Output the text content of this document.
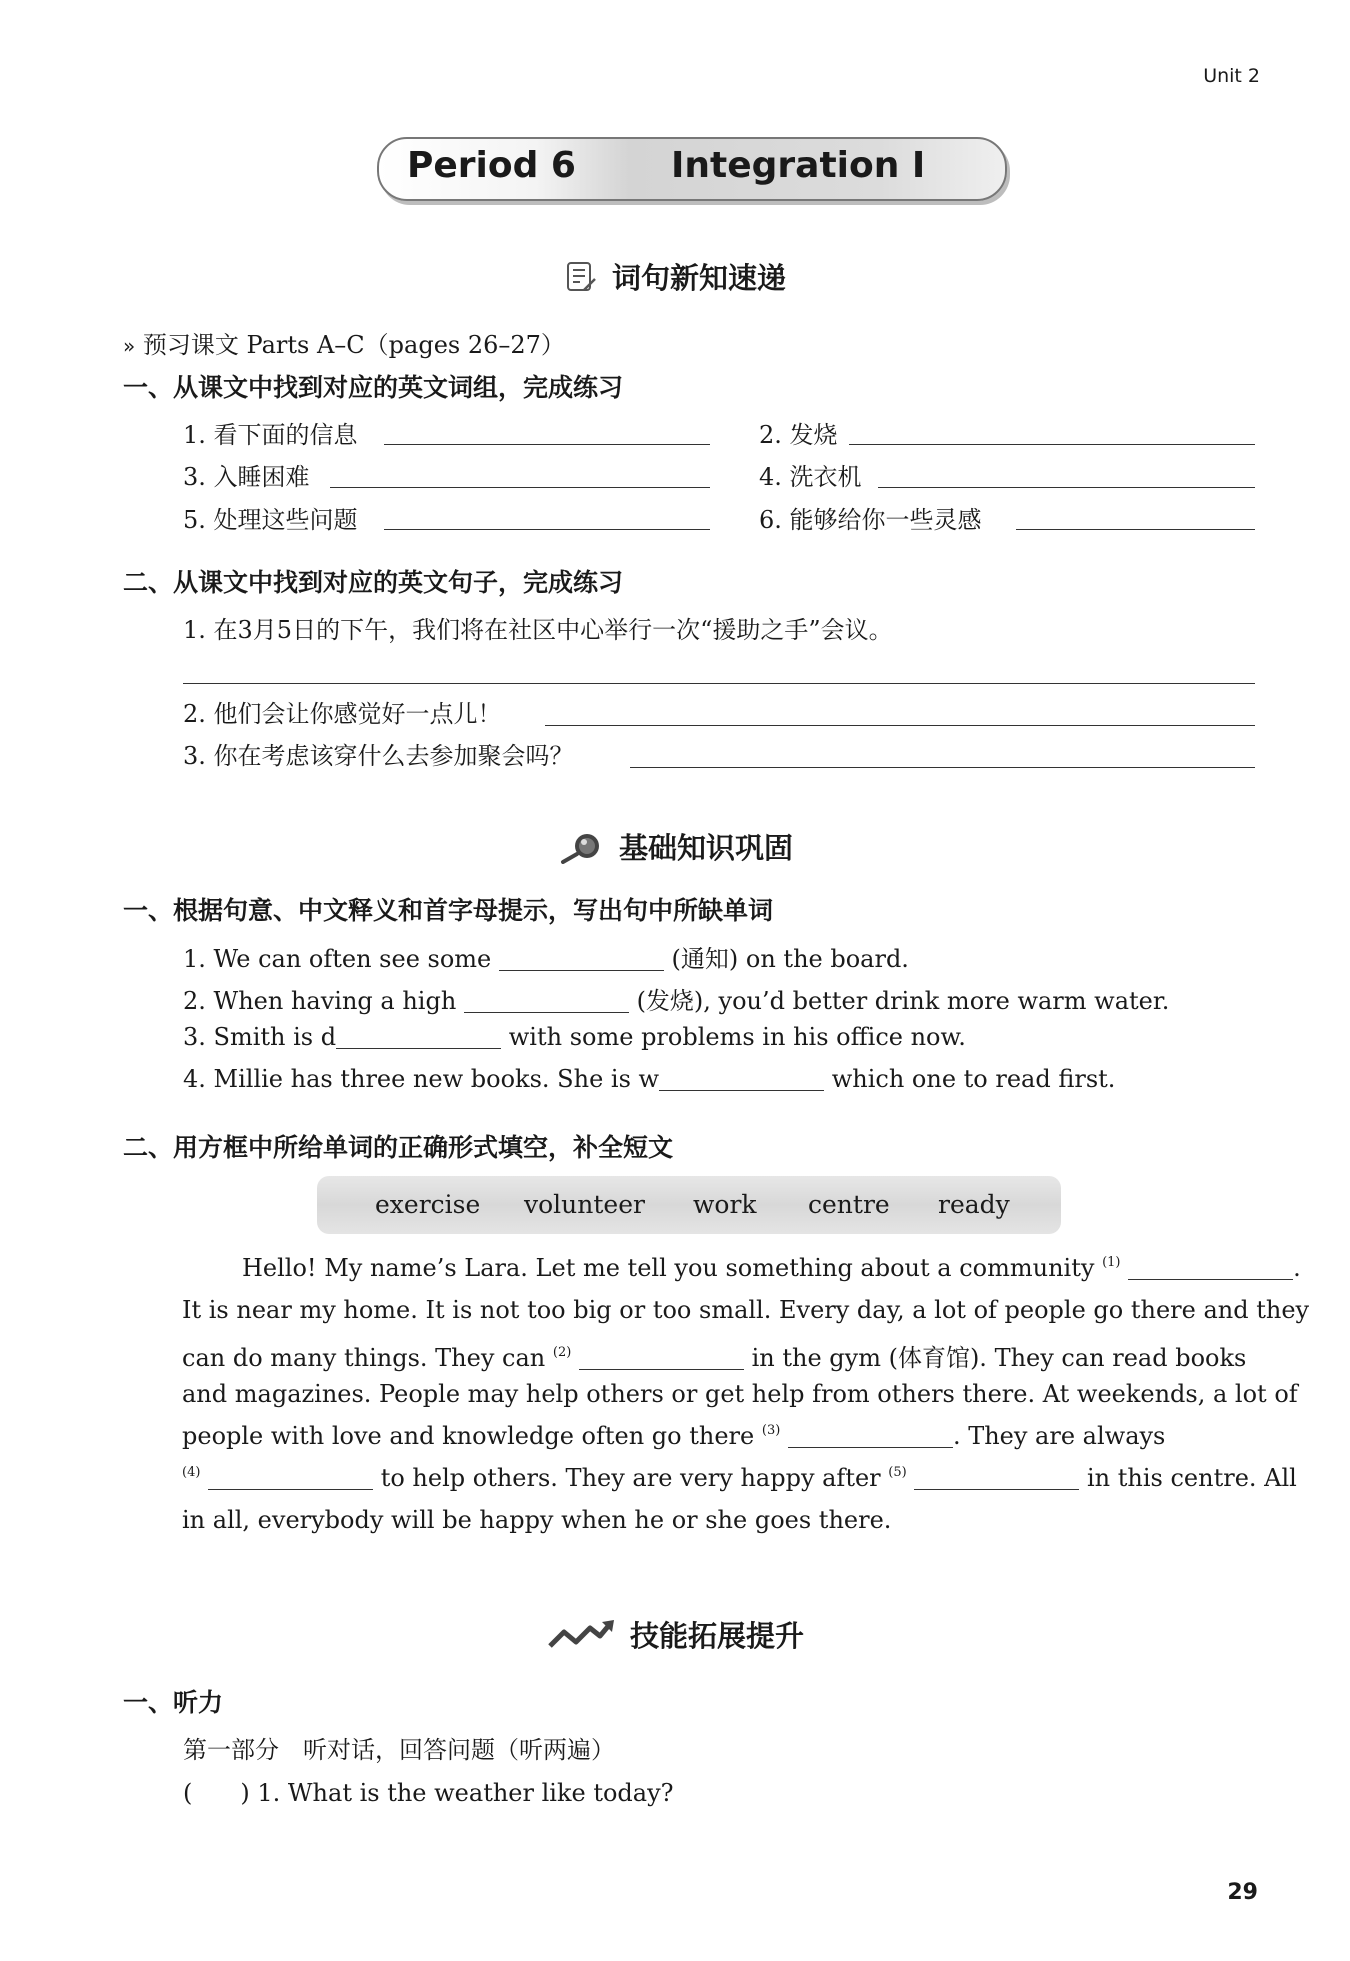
Unit 2
Period 6	Integration I
词句新知速递
» 预习课文 Parts A–C（pages 26–27）
一、从课文中找到对应的英文词组，完成练习
1. 看下面的信息	2. 发烧
3. 入睡困难	4. 洗衣机
5. 处理这些问题	6. 能够给你一些灵感
二、从课文中找到对应的英文句子，完成练习
1. 在3月5日的下午，我们将在社区中心举行一次“援助之手”会议。
2. 他们会让你感觉好一点儿！
3. 你在考虑该穿什么去参加聚会吗？
基础知识巩固
一、根据句意、中文释义和首字母提示，写出句中所缺单词
1. We can often see some	(通知) on the board.
2. When having a high	(发烧), you’d better drink more warm water.
3. Smith is d	with some problems in his office now.
4. Millie has three new books. She is w	which one to read first.
二、用方框中所给单词的正确形式填空，补全短文
exercise volunteer work centre ready
Hello! My name’s Lara. Let me tell you something about a community $^{(1)}$	.
It is near my home. It is not too big or too small. Every day, a lot of people go there and they
can do many things. They can $^{(2)}$	in the gym (体育馆). They can read books
and magazines. People may help others or get help from others there. At weekends, a lot of
people with love and knowledge often go there $^{(3)}$	. They are always
$^{(4)}$	to help others. They are very happy after $^{(5)}$	in this centre. All
in all, everybody will be happy when he or she goes there.
技能拓展提升
一、听力
第一部分　听对话，回答问题（听两遍）
(　　) 1. What is the weather like today?
29
